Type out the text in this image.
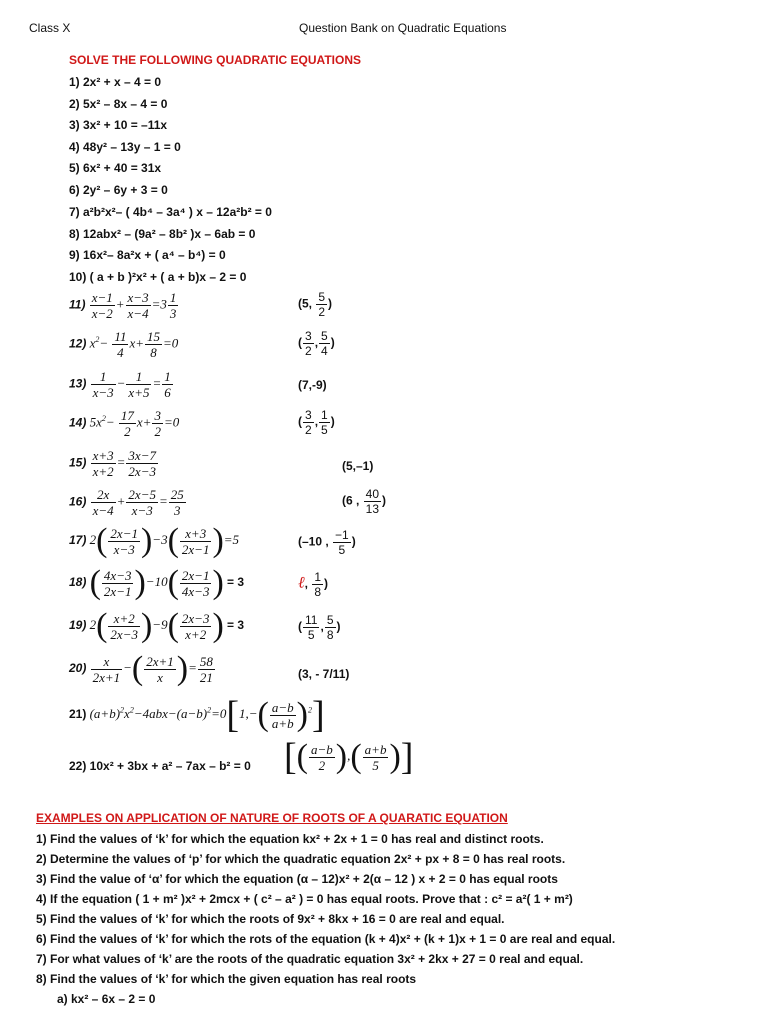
Class X	Question Bank on Quadratic Equations
SOLVE THE FOLLOWING QUADRATIC EQUATIONS
1) 2x² + x – 4 = 0
2) 5x² – 8x – 4 = 0
3) 3x² + 10 = –11x
4) 48y² – 13y – 1 = 0
5) 6x² + 40 = 31x
6) 2y² – 6y + 3 = 0
7) a²b²x²– ( 4b⁴ – 3a⁴ ) x – 12a²b² = 0
8) 12abx² – (9a² – 8b² )x – 6ab = 0
9) 16x²– 8a²x + ( a⁴ – b⁴) = 0
10) ( a + b )²x² + ( a + b)x – 2 = 0
$11) \frac{x-1}{x-2} + \frac{x-3}{x-4} =3 \frac{1}{3}$	(5, $\frac{5}{2}$ )
12) $x^2- \frac{11}{4} x+ \frac{15}{8} =0$	( $\frac{3}{2}$ , $\frac{5}{4}$ )
$13) \frac{1}{x-3} - \frac{1}{x+5} = \frac{1}{6}$	(7,-9)
14) $5x^2- \frac{17}{2} x+ \frac{3}{2} =0$	( $\frac{3}{2}$ , $\frac{1}{5}$ )
$15) \frac{x+3}{x+2} = \frac{3x-7}{2x-3}$	(5,–1)
$16) \frac{2x}{x-4} + \frac{2x-5}{x-3} = \frac{25}{3}$	(6 , $\frac{40}{13}$ )
17) $2( \frac{2x-1}{x-3} )-3( \frac{x+3}{2x-1} )=5$	(–10 , $\frac{-1}{5}$ )
18) ( $\frac{4x-3}{2x-1} )-10( \frac{2x-1}{4x-3}$ ) = 3	ℓ, $\frac{1}{8}$ )
19) $2( \frac{x+2}{2x-3} )-9( \frac{2x-3}{x+2}$ ) = 3	( $\frac{11}{5}$ , $\frac{5}{8}$ )
$20) \frac{x}{2x+1}$ −( $\frac{2x+1}{x}$ )= $\frac{58}{21}$	(3, - 7/11)
21) $(a+b)^2x^2-4abx-(a-b)^2=0[1,-( \frac{a-b}{a+b} )^2]$
22) 10x² + 3bx + a² – 7ax – b² = 0 [( $\frac{a-b}{2}$ ),( $\frac{a+b}{5}$ )]
EXAMPLES ON APPLICATION OF NATURE OF ROOTS OF A QUARATIC EQUATION
1) Find the values of ‘k’ for which the equation kx² + 2x + 1 = 0 has real and distinct roots.
2) Determine the values of ‘p’ for which the quadratic equation 2x² + px + 8 = 0 has real roots.
3) Find the value of ‘α’ for which the equation (α – 12)x² + 2(α – 12 ) x + 2 = 0 has equal roots
4) If the equation ( 1 + m² )x² + 2mcx + ( c² – a² ) = 0 has equal roots. Prove that : c² = a²( 1 + m²)
5) Find the values of ‘k’ for which the roots of 9x² + 8kx + 16 = 0 are real and equal.
6) Find the values of ‘k’ for which the rots of the equation (k + 4)x² + (k + 1)x + 1 = 0 are real and equal.
7) For what values of ‘k’ are the roots of the quadratic equation 3x² + 2kx + 27 = 0 real and equal.
8) Find the values of ‘k’ for which the given equation has real roots
a) kx² – 6x – 2 = 0
